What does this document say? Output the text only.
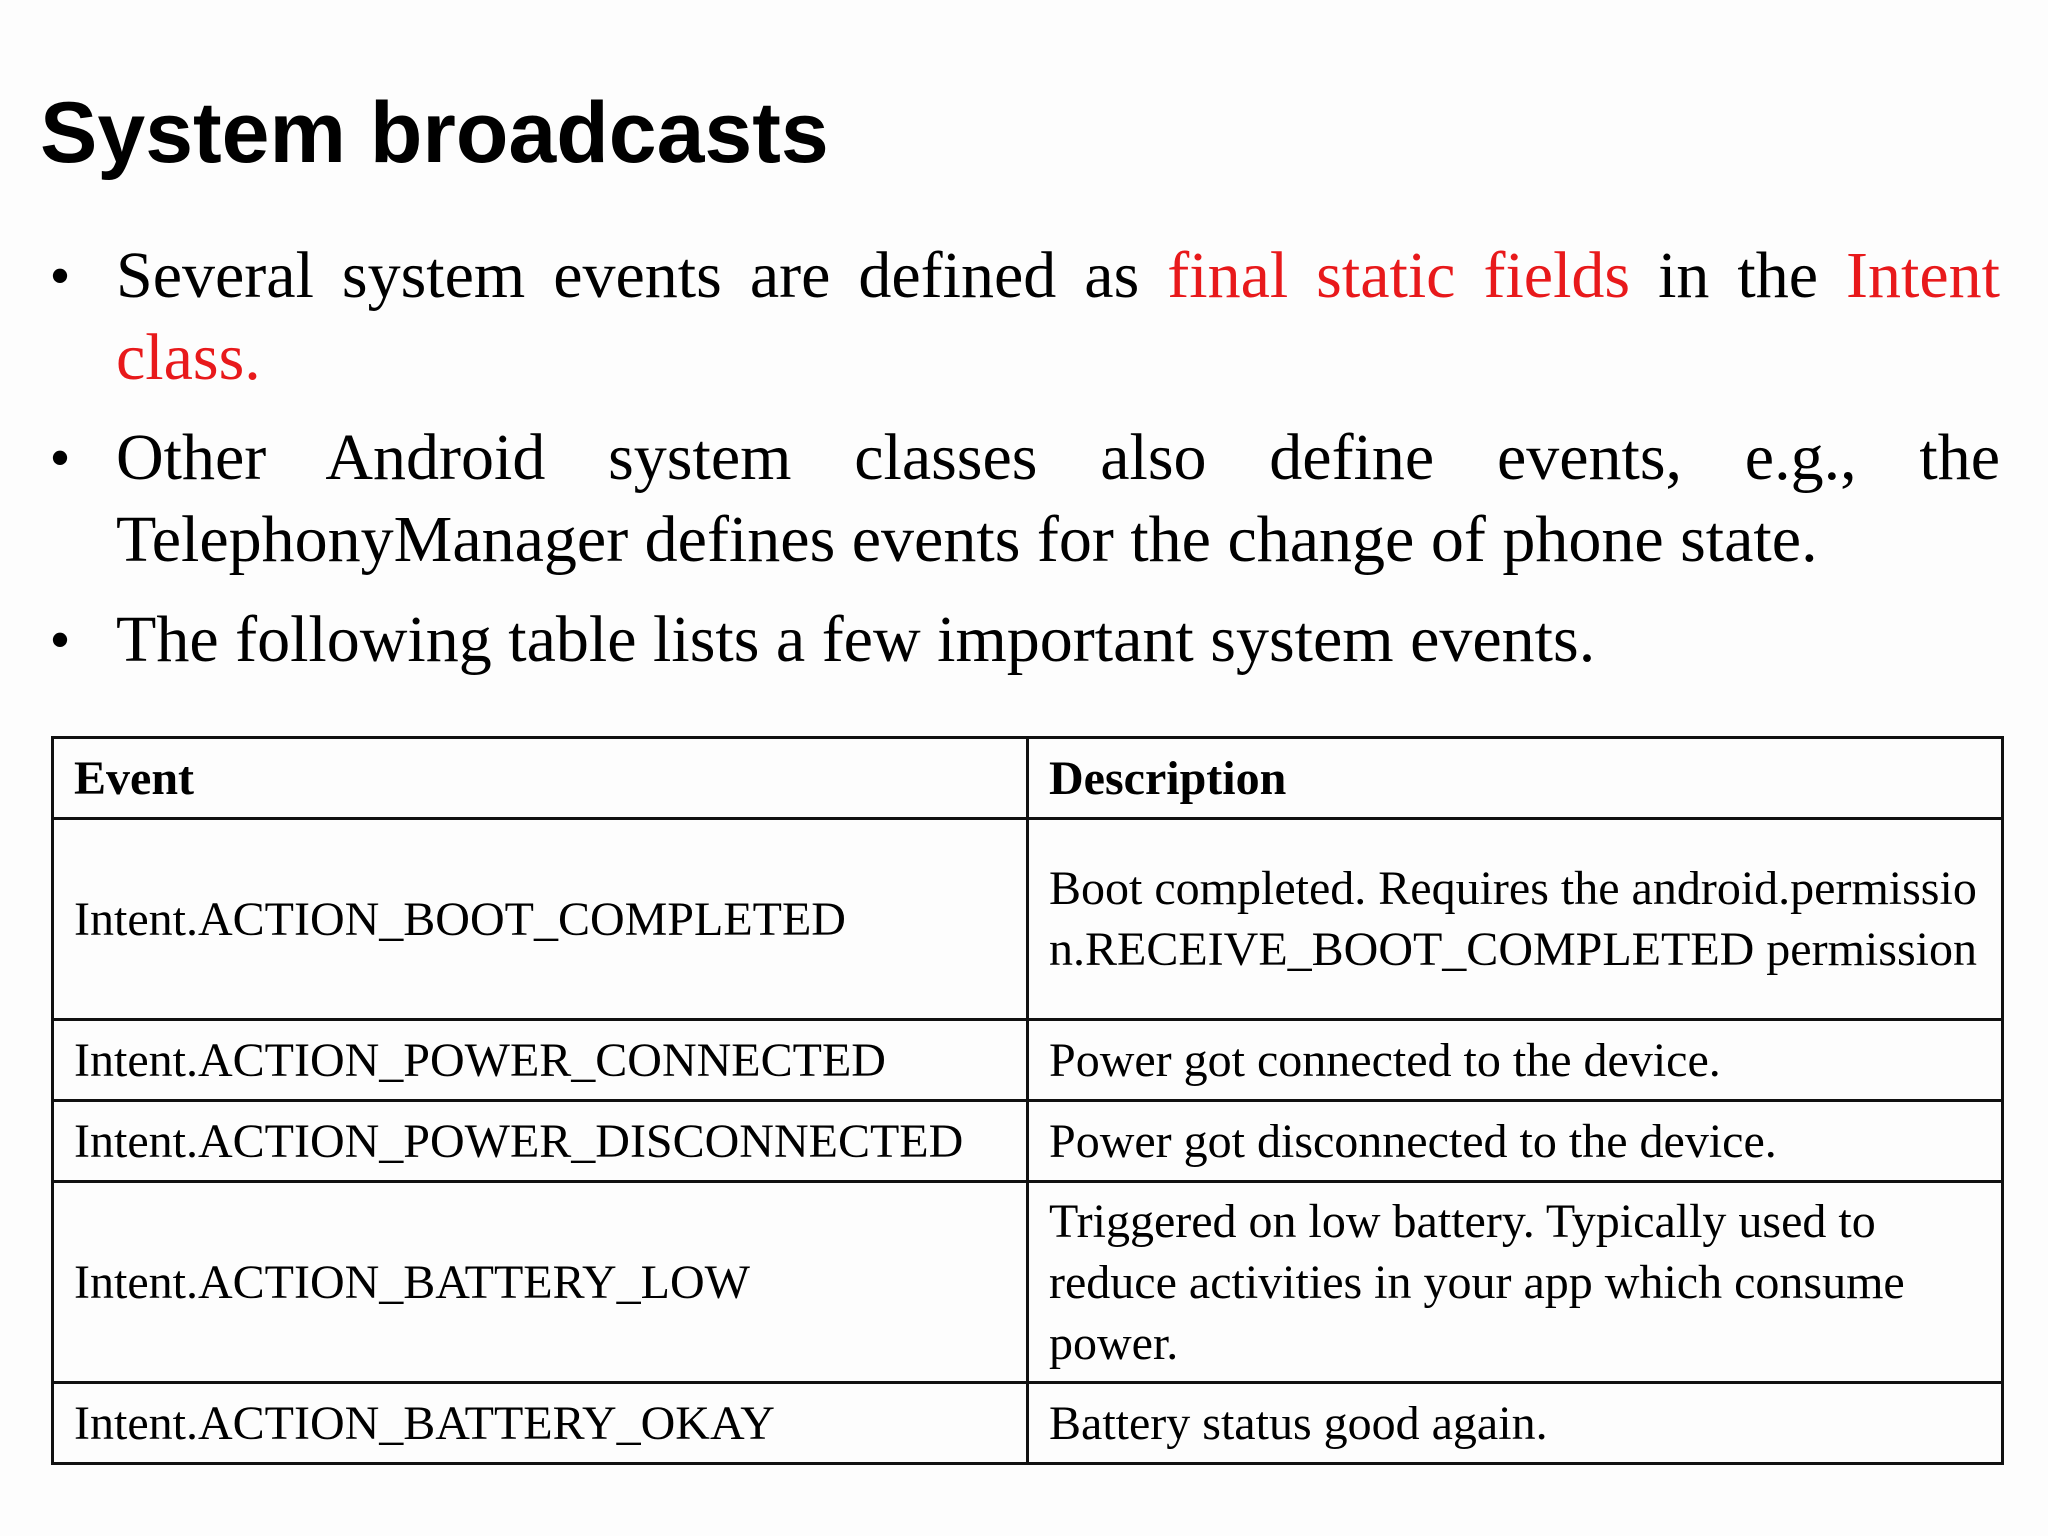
System broadcasts
• Several system events are defined as final static fields in the Intent class.
• Other Android system classes also define events, e.g., the TelephonyManager defines events for the change of phone state.
• The following table lists a few important system events.
Event	Description
Intent.ACTION_BOOT_COMPLETED	Boot completed. Requires the android.permission.RECEIVE_BOOT_COMPLETED permission
Intent.ACTION_POWER_CONNECTED	Power got connected to the device.
Intent.ACTION_POWER_DISCONNECTED	Power got disconnected to the device.
Intent.ACTION_BATTERY_LOW	Triggered on low battery. Typically used to reduce activities in your app which consume power.
Intent.ACTION_BATTERY_OKAY	Battery status good again.
